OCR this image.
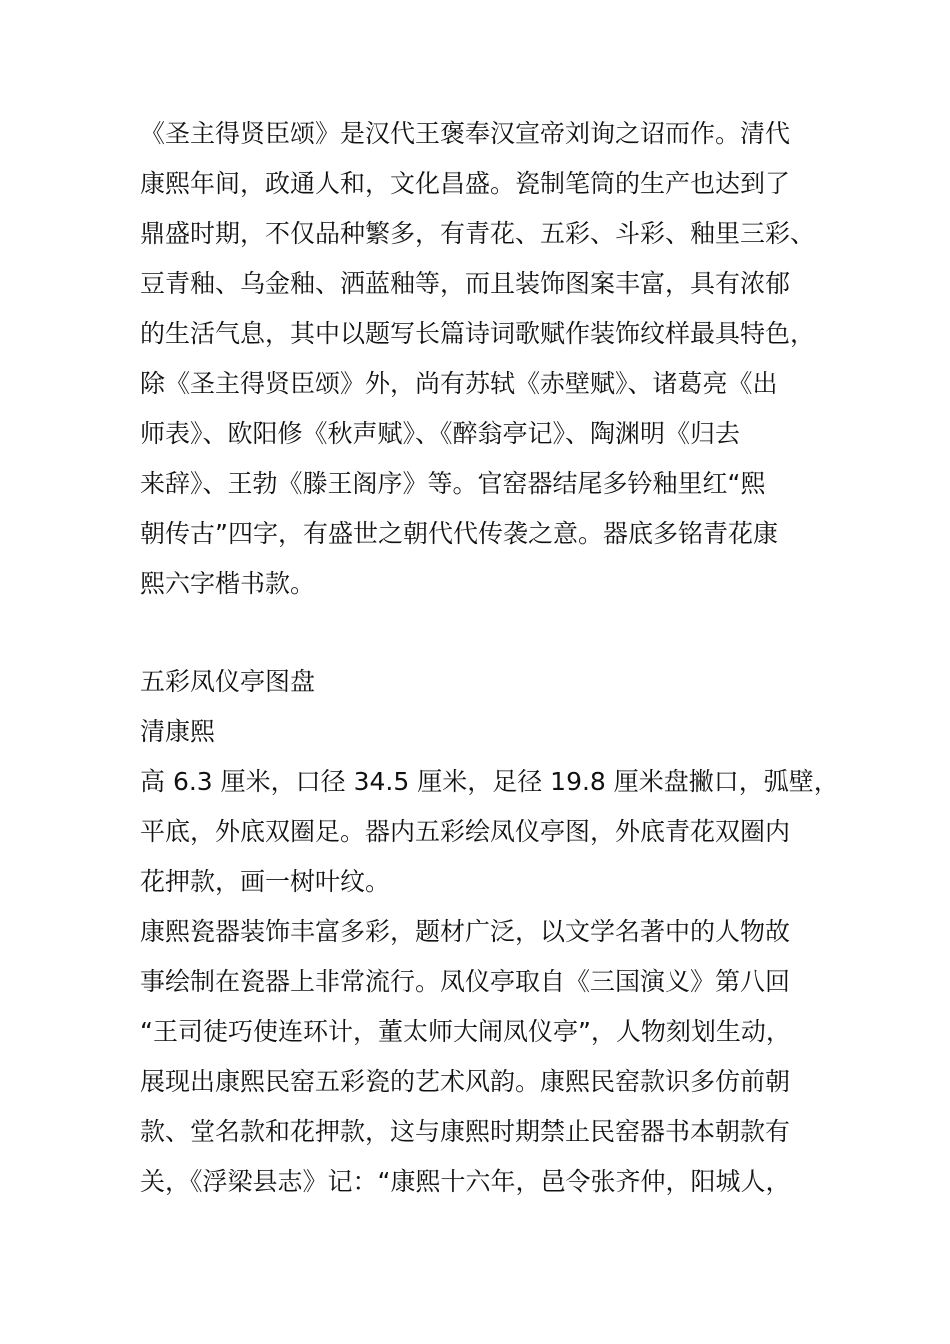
《圣主得贤臣颂》是汉代王褒奉汉宣帝刘询之诏而作。清代

康熙年间，政通人和，文化昌盛。瓷制笔筒的生产也达到了

鼎盛时期，不仅品种繁多，有青花、五彩、斗彩、釉里三彩、

豆青釉、乌金釉、洒蓝釉等，而且装饰图案丰富，具有浓郁

的生活气息，其中以题写长篇诗词歌赋作装饰纹样最具特色，

除《圣主得贤臣颂》外，尚有苏轼《赤壁赋》、诸葛亮《出

师表》、欧阳修《秋声赋》、《醉翁亭记》、陶渊明《归去

来辞》、王勃《滕王阁序》等。官窑器结尾多钤釉里红“熙

朝传古”四字，有盛世之朝代代传袭之意。器底多铭青花康

熙六字楷书款。

五彩凤仪亭图盘

清康熙

高 6.3 厘米，口径 34.5 厘米，足径 19.8 厘米盘撇口，弧壁，

平底，外底双圈足。器内五彩绘凤仪亭图，外底青花双圈内

花押款，画一树叶纹。

康熙瓷器装饰丰富多彩，题材广泛，以文学名著中的人物故

事绘制在瓷器上非常流行。凤仪亭取自《三国演义》第八回

“王司徒巧使连环计，董太师大闹凤仪亭”，人物刻划生动，

展现出康熙民窑五彩瓷的艺术风韵。康熙民窑款识多仿前朝

款、堂名款和花押款，这与康熙时期禁止民窑器书本朝款有

关，《浮梁县志》记：“康熙十六年，邑令张齐仲，阳城人，
